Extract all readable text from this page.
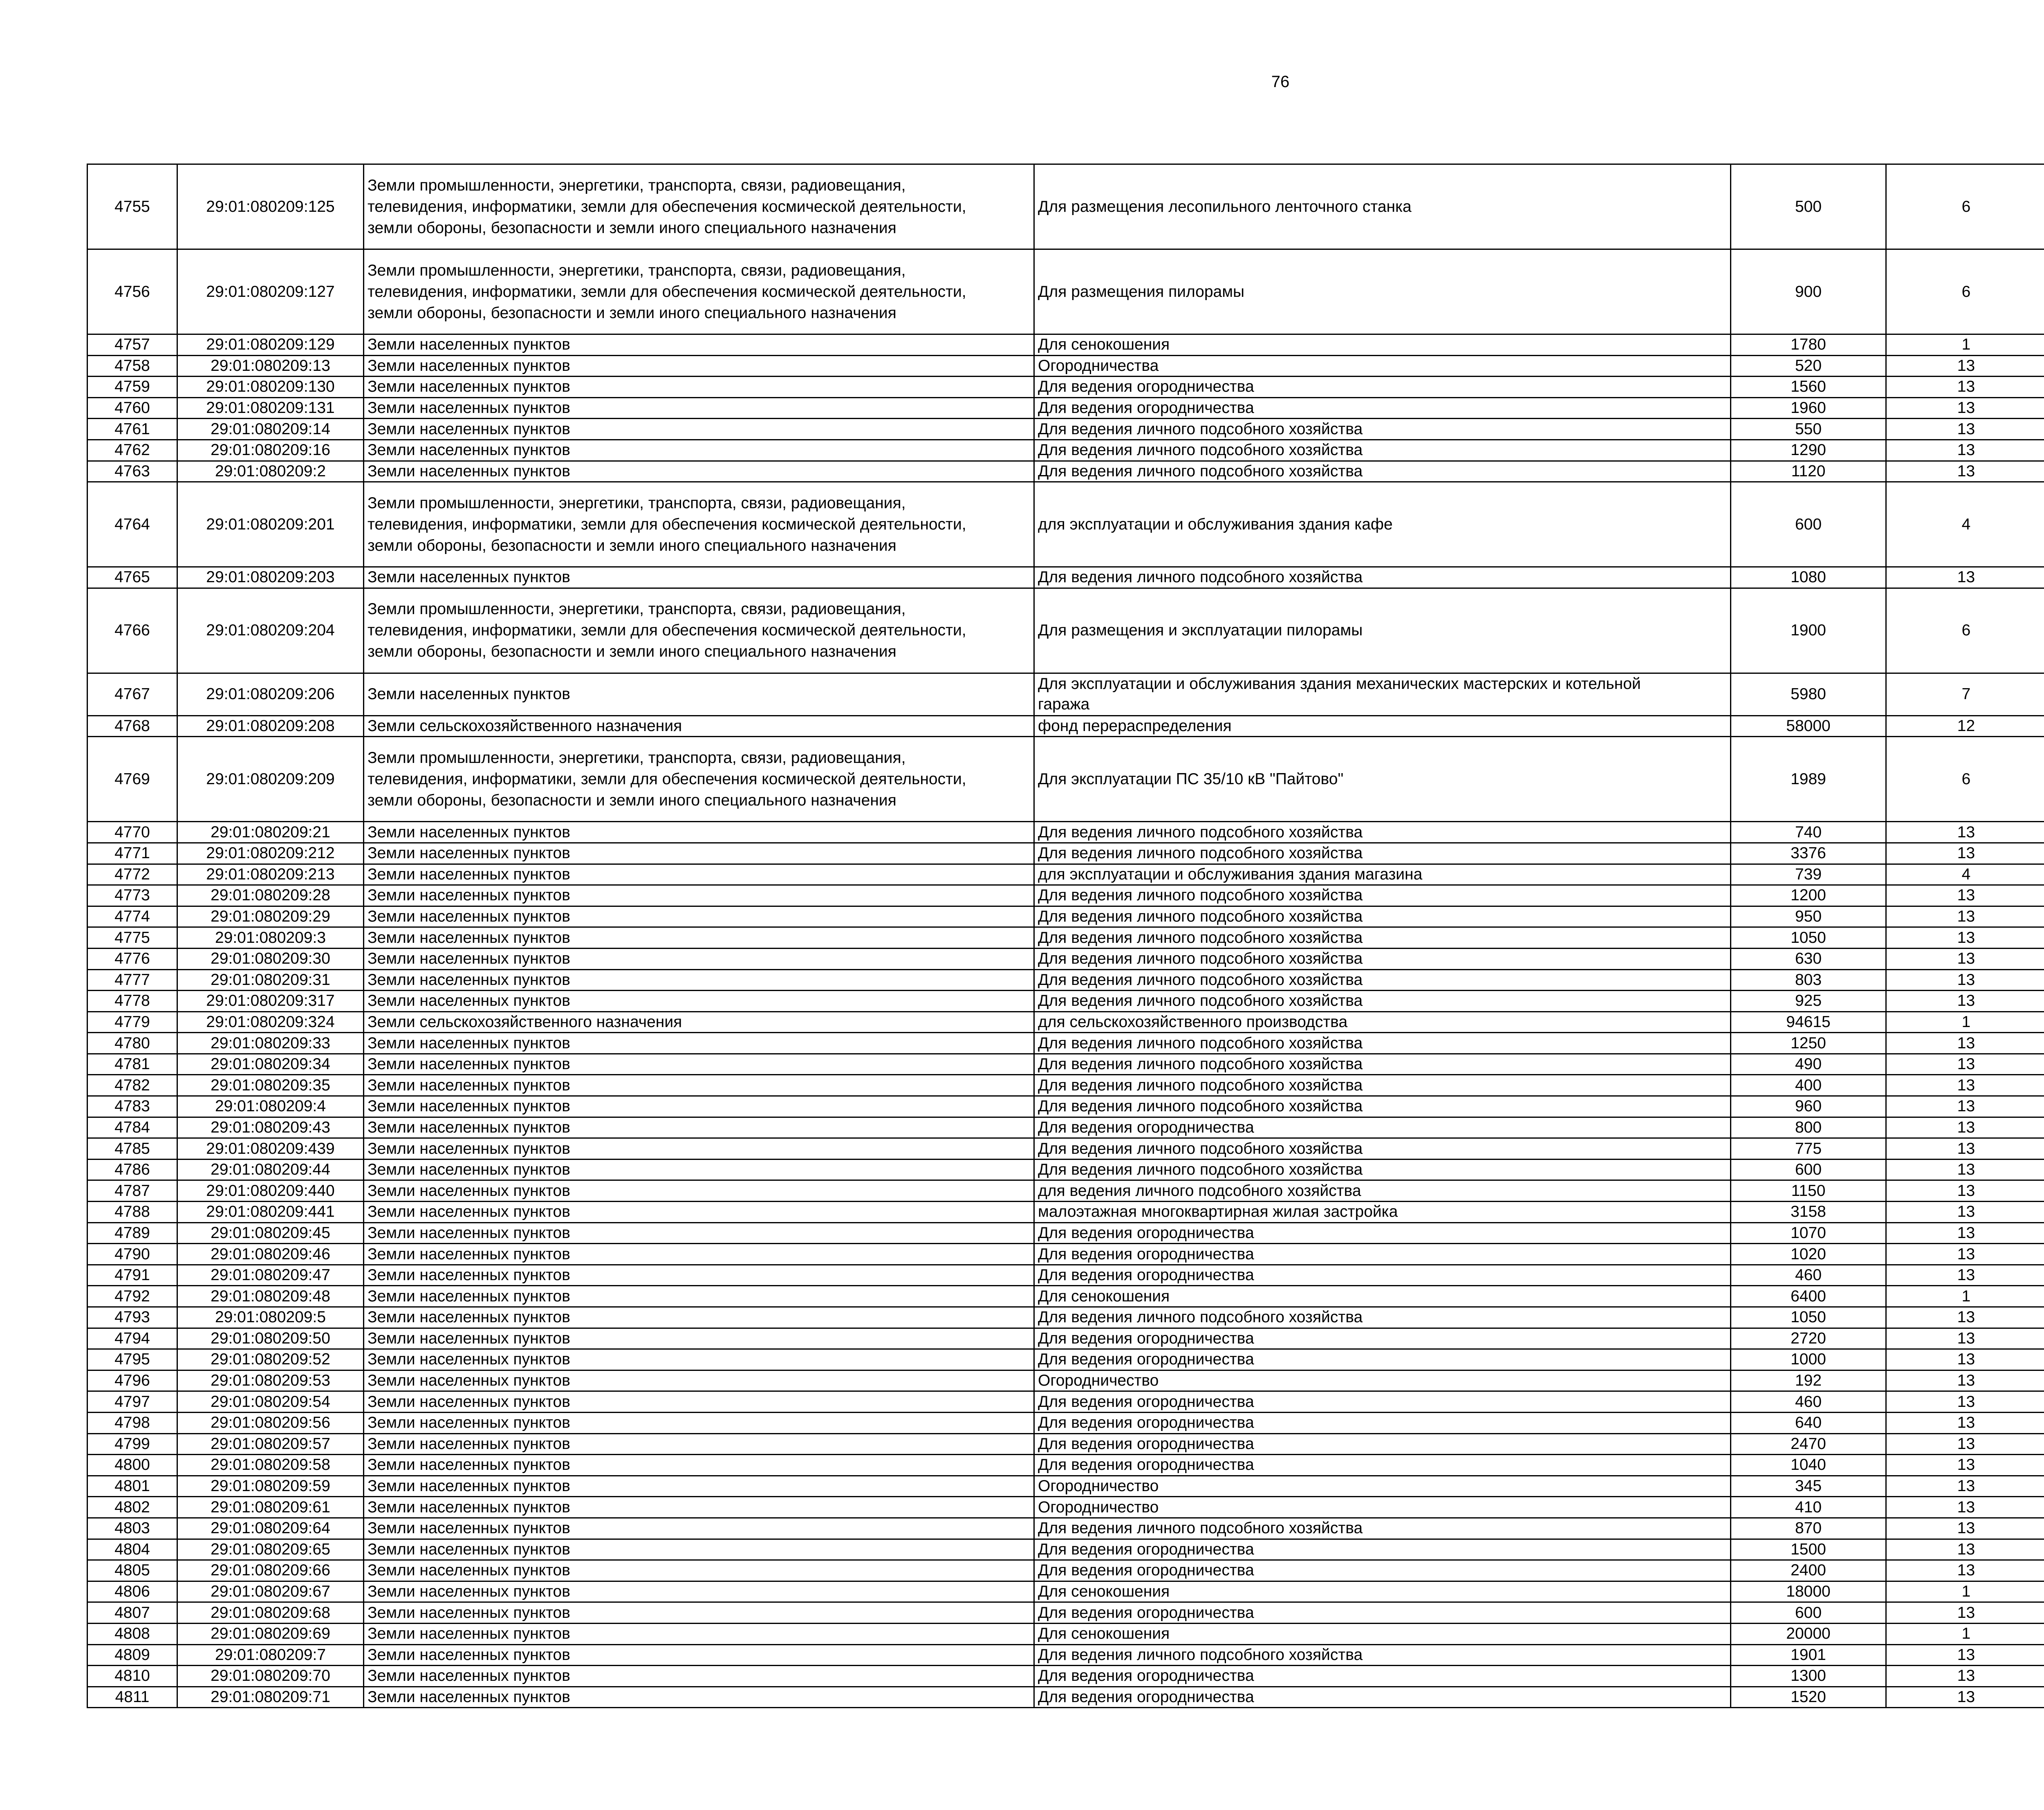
76
4755	29:01:080209:125	Земли промышленности, энергетики, транспорта, связи, радиовещания,
телевидения, информатики, земли для обеспечения космической деятельности,
земли обороны, безопасности и земли иного специального назначения	Для размещения лесопильного ленточного станка	500	6		
4756	29:01:080209:127	Земли промышленности, энергетики, транспорта, связи, радиовещания,
телевидения, информатики, земли для обеспечения космической деятельности,
земли обороны, безопасности и земли иного специального назначения	Для размещения пилорамы	900	6		
4757	29:01:080209:129	Земли населенных пунктов	Для сенокошения	1780	1		
4758	29:01:080209:13	Земли населенных пунктов	Огородничества	520	13		
4759	29:01:080209:130	Земли населенных пунктов	Для ведения огородничества	1560	13		
4760	29:01:080209:131	Земли населенных пунктов	Для ведения огородничества	1960	13		
4761	29:01:080209:14	Земли населенных пунктов	Для ведения личного подсобного хозяйства	550	13		
4762	29:01:080209:16	Земли населенных пунктов	Для ведения личного подсобного хозяйства	1290	13		
4763	29:01:080209:2	Земли населенных пунктов	Для ведения личного подсобного хозяйства	1120	13		
4764	29:01:080209:201	Земли промышленности, энергетики, транспорта, связи, радиовещания,
телевидения, информатики, земли для обеспечения космической деятельности,
земли обороны, безопасности и земли иного специального назначения	для эксплуатации и обслуживания здания кафе	600	4		
4765	29:01:080209:203	Земли населенных пунктов	Для ведения личного подсобного хозяйства	1080	13		
4766	29:01:080209:204	Земли промышленности, энергетики, транспорта, связи, радиовещания,
телевидения, информатики, земли для обеспечения космической деятельности,
земли обороны, безопасности и земли иного специального назначения	Для размещения и эксплуатации пилорамы	1900	6		
4767	29:01:080209:206	Земли населенных пунктов	Для эксплуатации и обслуживания здания механических мастерских и котельной
гаража	5980	7		
4768	29:01:080209:208	Земли сельскохозяйственного назначения	фонд перераспределения	58000	12		
4769	29:01:080209:209	Земли промышленности, энергетики, транспорта, связи, радиовещания,
телевидения, информатики, земли для обеспечения космической деятельности,
земли обороны, безопасности и земли иного специального назначения	Для эксплуатации ПС 35/10 кВ "Пайтово"	1989	6		
4770	29:01:080209:21	Земли населенных пунктов	Для ведения личного подсобного хозяйства	740	13		
4771	29:01:080209:212	Земли населенных пунктов	Для ведения личного подсобного хозяйства	3376	13		
4772	29:01:080209:213	Земли населенных пунктов	для эксплуатации и обслуживания здания магазина	739	4		
4773	29:01:080209:28	Земли населенных пунктов	Для ведения личного подсобного хозяйства	1200	13		
4774	29:01:080209:29	Земли населенных пунктов	Для ведения личного подсобного хозяйства	950	13		
4775	29:01:080209:3	Земли населенных пунктов	Для ведения личного подсобного хозяйства	1050	13		
4776	29:01:080209:30	Земли населенных пунктов	Для ведения личного подсобного хозяйства	630	13		
4777	29:01:080209:31	Земли населенных пунктов	Для ведения личного подсобного хозяйства	803	13		
4778	29:01:080209:317	Земли населенных пунктов	Для ведения личного подсобного хозяйства	925	13		
4779	29:01:080209:324	Земли сельскохозяйственного назначения	для сельскохозяйственного производства	94615	1		
4780	29:01:080209:33	Земли населенных пунктов	Для ведения личного подсобного хозяйства	1250	13		
4781	29:01:080209:34	Земли населенных пунктов	Для ведения личного подсобного хозяйства	490	13		
4782	29:01:080209:35	Земли населенных пунктов	Для ведения личного подсобного хозяйства	400	13		
4783	29:01:080209:4	Земли населенных пунктов	Для ведения личного подсобного хозяйства	960	13		
4784	29:01:080209:43	Земли населенных пунктов	Для ведения огородничества	800	13		
4785	29:01:080209:439	Земли населенных пунктов	Для ведения личного подсобного хозяйства	775	13		
4786	29:01:080209:44	Земли населенных пунктов	Для ведения личного подсобного хозяйства	600	13		
4787	29:01:080209:440	Земли населенных пунктов	для ведения личного подсобного хозяйства	1150	13		
4788	29:01:080209:441	Земли населенных пунктов	малоэтажная многоквартирная жилая застройка	3158	13		
4789	29:01:080209:45	Земли населенных пунктов	Для ведения огородничества	1070	13		
4790	29:01:080209:46	Земли населенных пунктов	Для ведения огородничества	1020	13		
4791	29:01:080209:47	Земли населенных пунктов	Для ведения огородничества	460	13		
4792	29:01:080209:48	Земли населенных пунктов	Для сенокошения	6400	1		
4793	29:01:080209:5	Земли населенных пунктов	Для ведения личного подсобного хозяйства	1050	13		
4794	29:01:080209:50	Земли населенных пунктов	Для ведения огородничества	2720	13		
4795	29:01:080209:52	Земли населенных пунктов	Для ведения огородничества	1000	13		
4796	29:01:080209:53	Земли населенных пунктов	Огородничество	192	13		
4797	29:01:080209:54	Земли населенных пунктов	Для ведения огородничества	460	13		
4798	29:01:080209:56	Земли населенных пунктов	Для ведения огородничества	640	13		
4799	29:01:080209:57	Земли населенных пунктов	Для ведения огородничества	2470	13		
4800	29:01:080209:58	Земли населенных пунктов	Для ведения огородничества	1040	13		
4801	29:01:080209:59	Земли населенных пунктов	Огородничество	345	13		
4802	29:01:080209:61	Земли населенных пунктов	Огородничество	410	13		
4803	29:01:080209:64	Земли населенных пунктов	Для ведения личного подсобного хозяйства	870	13		
4804	29:01:080209:65	Земли населенных пунктов	Для ведения огородничества	1500	13		
4805	29:01:080209:66	Земли населенных пунктов	Для ведения огородничества	2400	13		
4806	29:01:080209:67	Земли населенных пунктов	Для сенокошения	18000	1		
4807	29:01:080209:68	Земли населенных пунктов	Для ведения огородничества	600	13		
4808	29:01:080209:69	Земли населенных пунктов	Для сенокошения	20000	1		
4809	29:01:080209:7	Земли населенных пунктов	Для ведения личного подсобного хозяйства	1901	13		
4810	29:01:080209:70	Земли населенных пунктов	Для ведения огородничества	1300	13		
4811	29:01:080209:71	Земли населенных пунктов	Для ведения огородничества	1520	13		
